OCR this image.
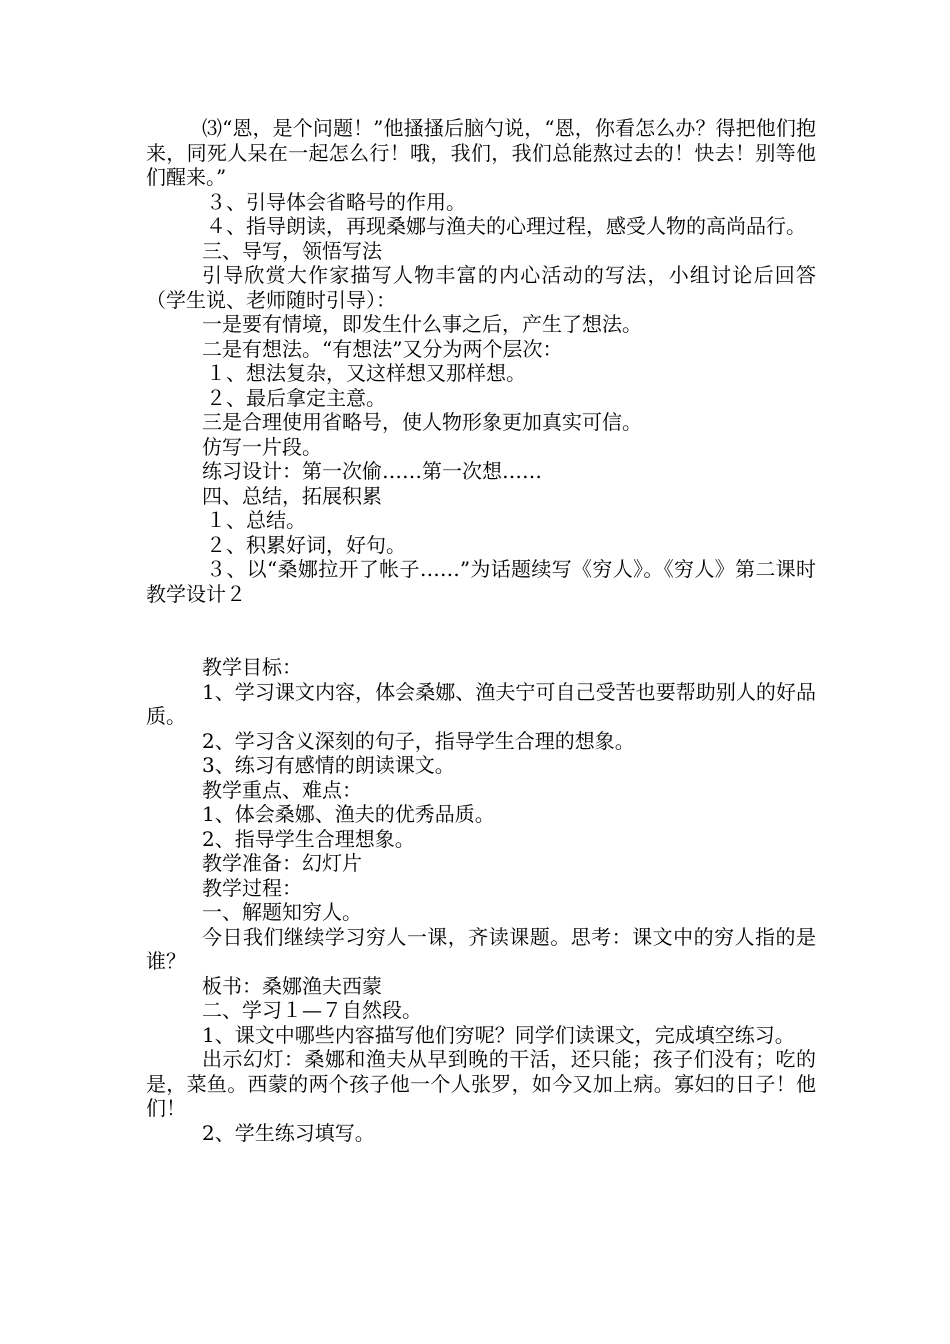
⑶“恩，是个问题！”他搔搔后脑勺说，“恩，你看怎么办？得把他们抱来，同死人呆在一起怎么行！哦，我们，我们总能熬过去的！快去！别等他们醒来。”

３、引导体会省略号的作用。

４、指导朗读，再现桑娜与渔夫的心理过程，感受人物的高尚品行。

三、导写，领悟写法

引导欣赏大作家描写人物丰富的内心活动的写法，小组讨论后回答（学生说、老师随时引导）：

一是要有情境，即发生什么事之后，产生了想法。

二是有想法。“有想法”又分为两个层次：

１、想法复杂，又这样想又那样想。

２、最后拿定主意。

三是合理使用省略号，使人物形象更加真实可信。

仿写一片段。

练习设计：第一次偷……第一次想……

四、总结，拓展积累

１、总结。

２、积累好词，好句。

３、以“桑娜拉开了帐子……”为话题续写《穷人》。《穷人》第二课时教学设计２

教学目标：

1、学习课文内容，体会桑娜、渔夫宁可自己受苦也要帮助别人的好品质。

2、学习含义深刻的句子，指导学生合理的想象。

3、练习有感情的朗读课文。

教学重点、难点：

1、体会桑娜、渔夫的优秀品质。

2、指导学生合理想象。

教学准备：幻灯片

教学过程：

一、解题知穷人。

今日我们继续学习穷人一课，齐读课题。思考：课文中的穷人指的是谁？

板书：桑娜渔夫西蒙

二、学习１—７自然段。

1、课文中哪些内容描写他们穷呢？同学们读课文，完成填空练习。

出示幻灯：桑娜和渔夫从早到晚的干活，还只能；孩子们没有；吃的是，菜鱼。西蒙的两个孩子他一个人张罗，如今又加上病。寡妇的日子！他们！

2、学生练习填写。
